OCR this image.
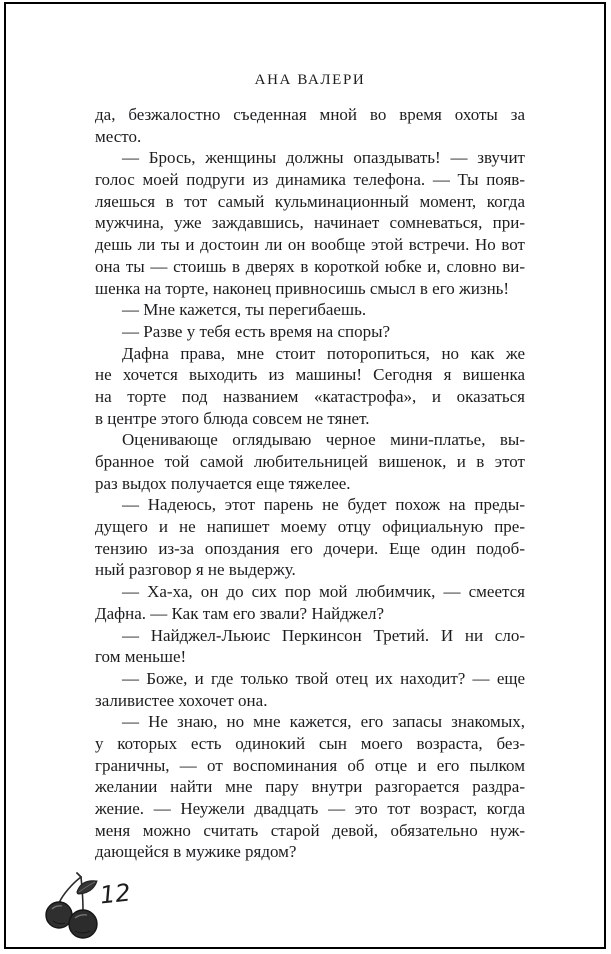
АНА ВАЛЕРИ
да, безжалостно съеденная мной во время охоты за
место.
— Брось, женщины должны опаздывать! — звучит
голос моей подруги из динамика телефона. — Ты появ-
ляешься в тот самый кульминационный момент, когда
мужчина, уже заждавшись, начинает сомневаться, при-
дешь ли ты и достоин ли он вообще этой встречи. Но вот
она ты — стоишь в дверях в короткой юбке и, словно ви-
шенка на торте, наконец привносишь смысл в его жизнь!
— Мне кажется, ты перегибаешь.
— Разве у тебя есть время на споры?
Дафна права, мне стоит поторопиться, но как же
не хочется выходить из машины! Сегодня я вишенка
на торте под названием «катастрофа», и оказаться
в центре этого блюда совсем не тянет.
Оценивающе оглядываю черное мини-платье, вы-
бранное той самой любительницей вишенок, и в этот
раз выдох получается еще тяжелее.
— Надеюсь, этот парень не будет похож на преды-
дущего и не напишет моему отцу официальную пре-
тензию из-за опоздания его дочери. Еще один подоб-
ный разговор я не выдержу.
— Ха-ха, он до сих пор мой любимчик, — смеется
Дафна. — Как там его звали? Найджел?
— Найджел-Льюис Перкинсон Третий. И ни сло-
гом меньше!
— Боже, и где только твой отец их находит? — еще
заливистее хохочет она.
— Не знаю, но мне кажется, его запасы знакомых,
у которых есть одинокий сын моего возраста, без-
граничны, — от воспоминания об отце и его пылком
желании найти мне пару внутри разгорается раздра-
жение. — Неужели двадцать — это тот возраст, когда
меня можно считать старой девой, обязательно нуж-
дающейся в мужике рядом?
12
